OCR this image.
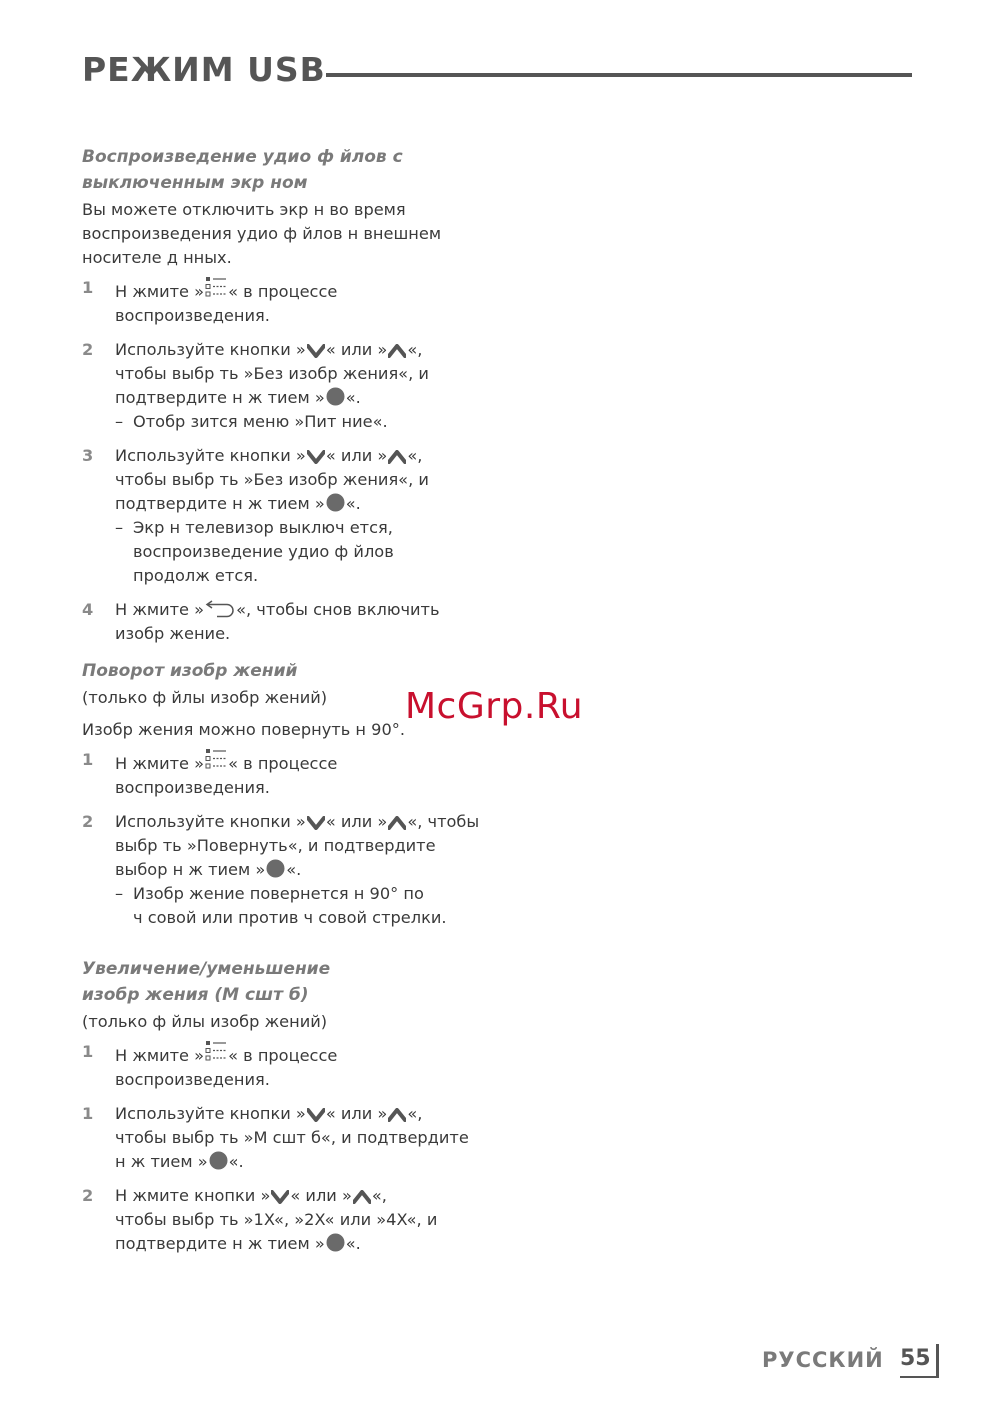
РЕЖИМ USB
Воспроизведение удио ф йлов с
выключенным экр ном
Вы можете отключить экр н во время
воспроизведения удио ф йлов н внешнем
носителе д нных.
1 Н жмите » « в процессе
воспроизведения.
2 Используйте кнопки » « или » «,
чтобы выбр ть »Без изобр жения«, и
подтвердите н ж тием » «.
– Отобр зится меню »Пит ние«.
3 Используйте кнопки » « или » «,
чтобы выбр ть »Без изобр жения«, и
подтвердите н ж тием » «.
– Экр н телевизор выключ ется,
воспроизведение удио ф йлов
продолж ется.
4 Н жмите » «, чтобы снов включить
изобр жение.
Поворот изобр жений
(только ф йлы изобр жений)
Изобр жения можно повернуть н 90°.
1 Н жмите » « в процессе
воспроизведения.
2 Используйте кнопки » « или » «, чтобы
выбр ть »Повернуть«, и подтвердите
выбор н ж тием » «.
– Изобр жение повернется н 90° по
ч совой или против ч совой стрелки.
Увеличение/уменьшение
изобр жения (М сшт б)
(только ф йлы изобр жений)
1 Н жмите » « в процессе
воспроизведения.
1 Используйте кнопки » « или » «,
чтобы выбр ть »М сшт б«, и подтвердите
н ж тием » «.
2 Н жмите кнопки » « или » «,
чтобы выбр ть »1X«, »2X« или »4X«, и
подтвердите н ж тием » «.
McGrp.Ru
РУССКИЙ 55
